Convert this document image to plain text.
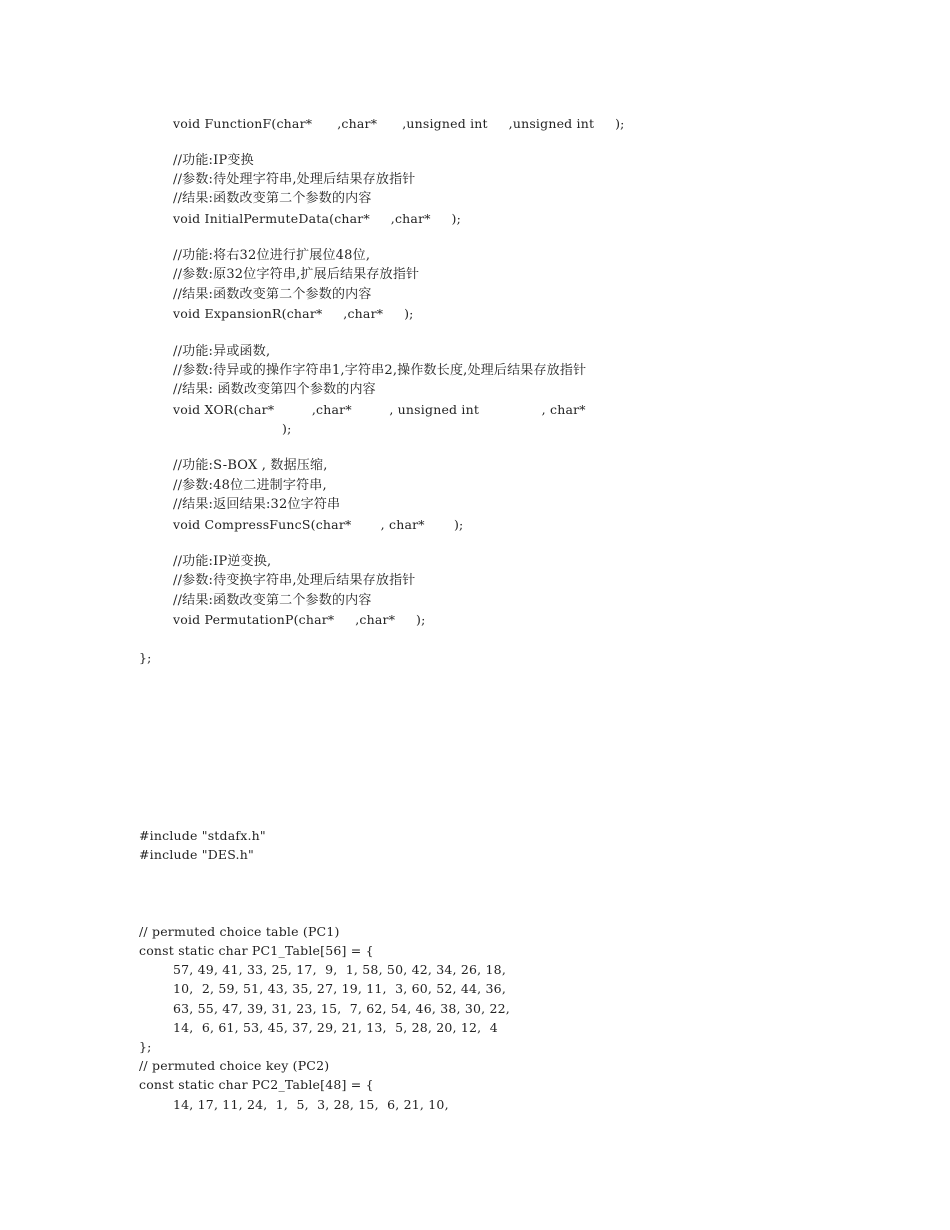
void FunctionF(char*      ,char*      ,unsigned int     ,unsigned int     );
//功能:IP变换
//参数:待处理字符串,处理后结果存放指针
//结果:函数改变第二个参数的内容
void InitialPermuteData(char*     ,char*     );
//功能:将右32位进行扩展位48位,
//参数:原32位字符串,扩展后结果存放指针
//结果:函数改变第二个参数的内容
void ExpansionR(char*     ,char*     );
//功能:异或函数,
//参数:待异或的操作字符串1,字符串2,操作数长度,处理后结果存放指针
//结果: 函数改变第四个参数的内容
void XOR(char*         ,char*         , unsigned int               , char*
);
//功能:S-BOX , 数据压缩,
//参数:48位二进制字符串,
//结果:返回结果:32位字符串
void CompressFuncS(char*       , char*       );
//功能:IP逆变换,
//参数:待变换字符串,处理后结果存放指针
//结果:函数改变第二个参数的内容
void PermutationP(char*     ,char*     );
};
#include "stdafx.h"
#include "DES.h"
// permuted choice table (PC1)
const static char PC1_Table[56] = {
57, 49, 41, 33, 25, 17,  9,  1, 58, 50, 42, 34, 26, 18,
10,  2, 59, 51, 43, 35, 27, 19, 11,  3, 60, 52, 44, 36,
63, 55, 47, 39, 31, 23, 15,  7, 62, 54, 46, 38, 30, 22,
14,  6, 61, 53, 45, 37, 29, 21, 13,  5, 28, 20, 12,  4
};
// permuted choice key (PC2)
const static char PC2_Table[48] = {
14, 17, 11, 24,  1,  5,  3, 28, 15,  6, 21, 10,
